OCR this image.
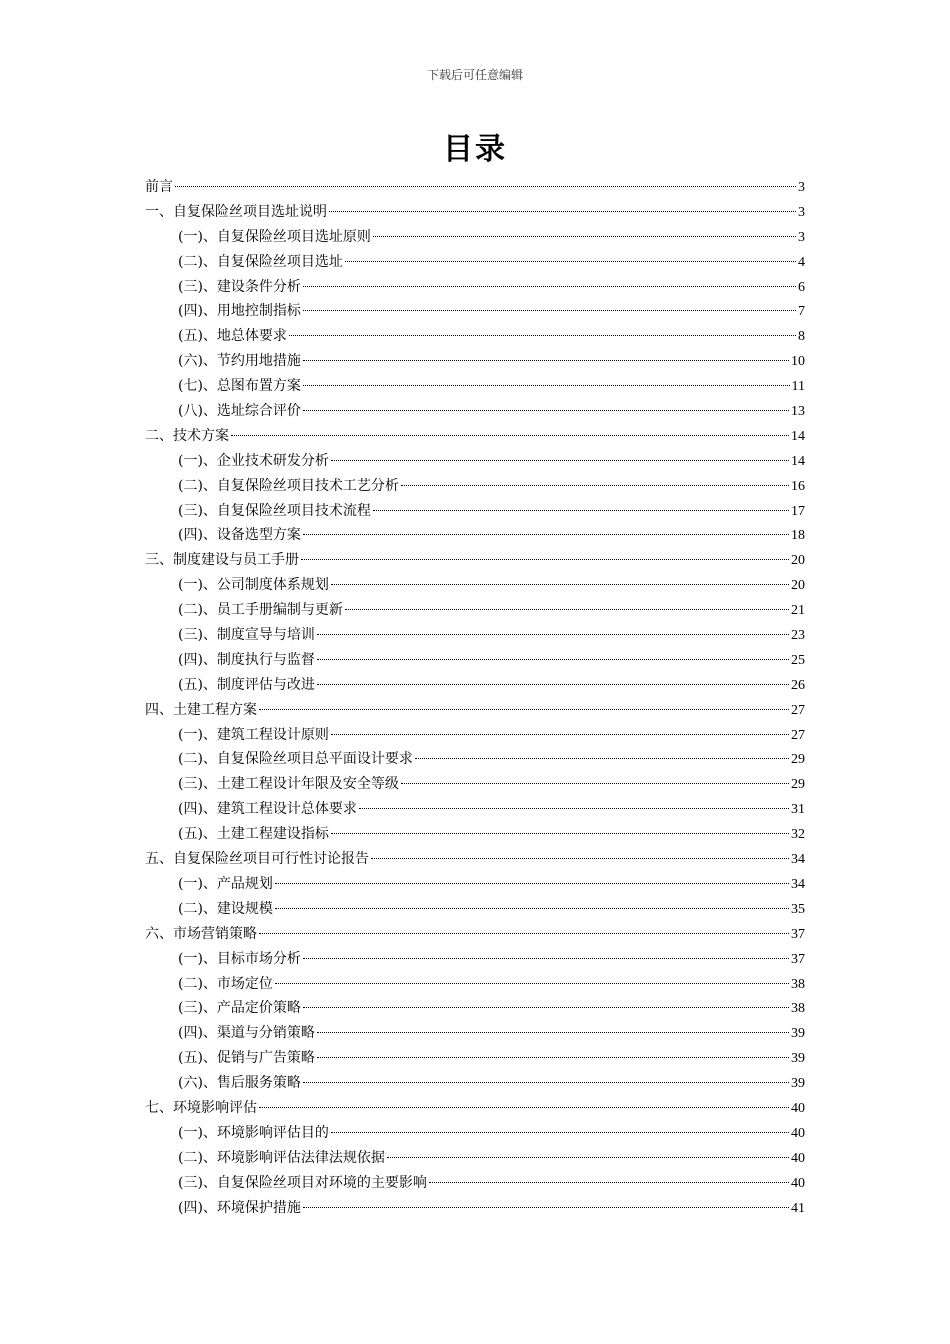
下载后可任意编辑
目录
前言	3
一、自复保险丝项目选址说明	3
(一)、自复保险丝项目选址原则	3
(二)、自复保险丝项目选址	4
(三)、建设条件分析	6
(四)、用地控制指标	7
(五)、地总体要求	8
(六)、节约用地措施	10
(七)、总图布置方案	11
(八)、选址综合评价	13
二、技术方案	14
(一)、企业技术研发分析	14
(二)、自复保险丝项目技术工艺分析	16
(三)、自复保险丝项目技术流程	17
(四)、设备选型方案	18
三、制度建设与员工手册	20
(一)、公司制度体系规划	20
(二)、员工手册编制与更新	21
(三)、制度宣导与培训	23
(四)、制度执行与监督	25
(五)、制度评估与改进	26
四、土建工程方案	27
(一)、建筑工程设计原则	27
(二)、自复保险丝项目总平面设计要求	29
(三)、土建工程设计年限及安全等级	29
(四)、建筑工程设计总体要求	31
(五)、土建工程建设指标	32
五、自复保险丝项目可行性讨论报告	34
(一)、产品规划	34
(二)、建设规模	35
六、市场营销策略	37
(一)、目标市场分析	37
(二)、市场定位	38
(三)、产品定价策略	38
(四)、渠道与分销策略	39
(五)、促销与广告策略	39
(六)、售后服务策略	39
七、环境影响评估	40
(一)、环境影响评估目的	40
(二)、环境影响评估法律法规依据	40
(三)、自复保险丝项目对环境的主要影响	40
(四)、环境保护措施	41
